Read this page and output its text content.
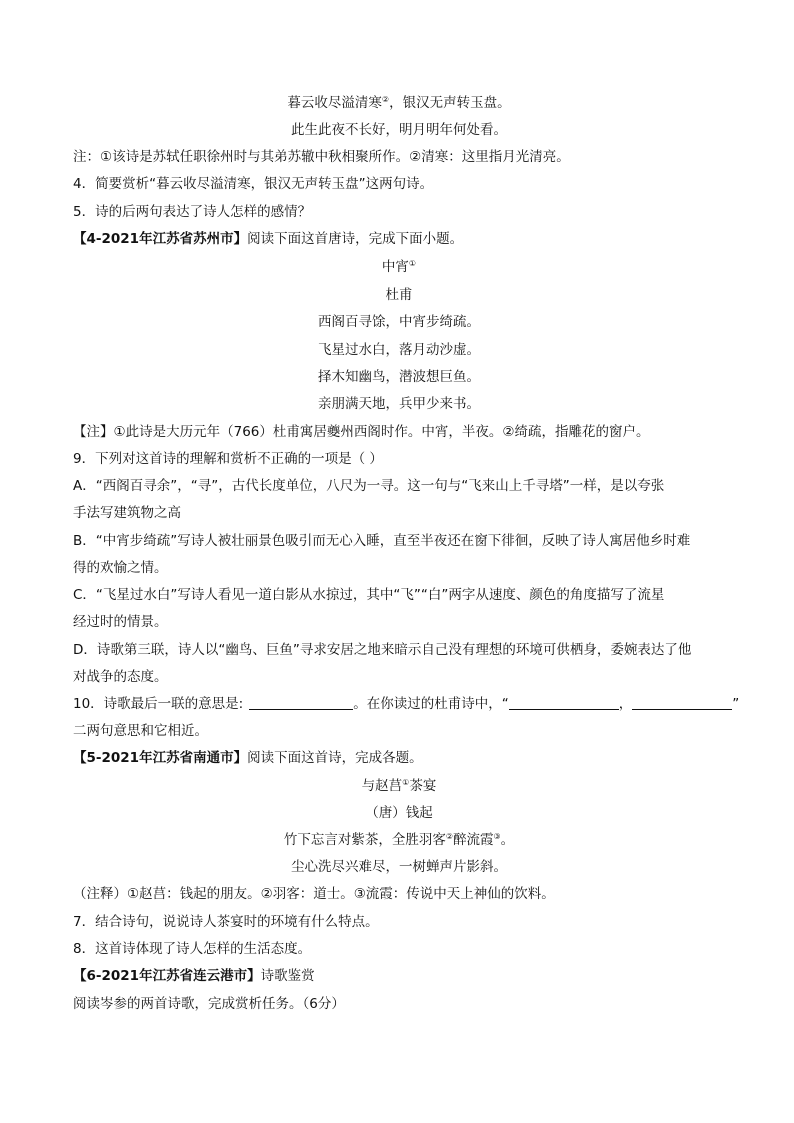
暮云收尽溢清寒②，银汉无声转玉盘。
此生此夜不长好，明月明年何处看。
注：①该诗是苏轼任职徐州时与其弟苏辙中秋相聚所作。②清寒：这里指月光清亮。
4．简要赏析“暮云收尽溢清寒，银汉无声转玉盘”这两句诗。
5．诗的后两句表达了诗人怎样的感情？
【4-2021年江苏省苏州市】阅读下面这首唐诗，完成下面小题。
中宵①
杜甫
西阁百寻馀，中宵步绮疏。
飞星过水白，落月动沙虚。
择木知幽鸟，潜波想巨鱼。
亲朋满天地，兵甲少来书。
【注】①此诗是大历元年（766）杜甫寓居夔州西阁时作。中宵，半夜。②绮疏，指雕花的窗户。
9．下列对这首诗的理解和赏析不正确的一项是（ ）
A．“西阁百寻余”，“寻”，古代长度单位，八尺为一寻。这一句与“飞来山上千寻塔”一样，是以夸张
手法写建筑物之高
B．“中宵步绮疏”写诗人被壮丽景色吸引而无心入睡，直至半夜还在窗下徘徊，反映了诗人寓居他乡时难
得的欢愉之情。
C．“飞星过水白”写诗人看见一道白影从水掠过，其中“飞”“白”两字从速度、颜色的角度描写了流星
经过时的情景。
D．诗歌第三联，诗人以“幽鸟、巨鱼”寻求安居之地来暗示自己没有理想的环境可供栖身，委婉表达了他
对战争的态度。
10．诗歌最后一联的意思是:	。在你读过的杜甫诗中，“	，	”
二两句意思和它相近。
【5-2021年江苏省南通市】阅读下面这首诗，完成各题。
与赵莒①茶宴
（唐）钱起
竹下忘言对紫茶，全胜羽客②醉流霞③。
尘心洗尽兴难尽，一树蝉声片影斜。
（注释）①赵莒：钱起的朋友。②羽客：道士。③流霞：传说中天上神仙的饮料。
7．结合诗句，说说诗人茶宴时的环境有什么特点。
8．这首诗体现了诗人怎样的生活态度。
【6-2021年江苏省连云港市】诗歌鉴赏
阅读岑参的两首诗歌，完成赏析任务。（6分）
